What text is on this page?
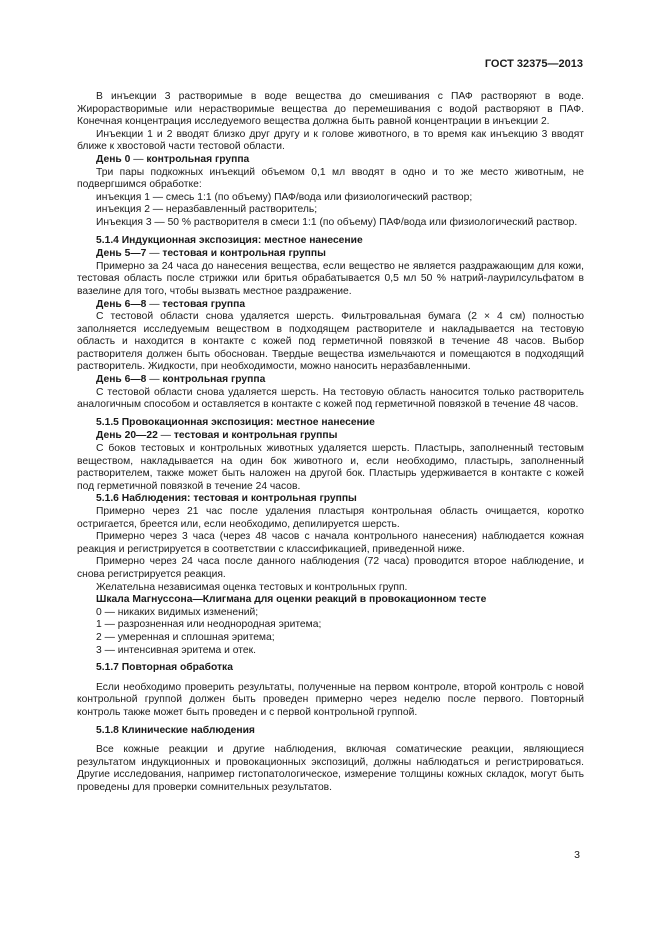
ГОСТ 32375—2013

В инъекции 3 растворимые в воде вещества до смешивания с ПАФ растворяют в воде. Жирорастворимые или нерастворимые вещества до перемешивания с водой растворяют в ПАФ. Конечная концентрация исследуемого вещества должна быть равной концентрации в инъекции 2.

Инъекции 1 и 2 вводят близко друг другу и к голове животного, в то время как инъекцию 3 вводят ближе к хвостовой части тестовой области.

День 0 — контрольная группа

Три пары подкожных инъекций объемом 0,1 мл вводят в одно и то же место животным, не подвергшимся обработке:

инъекция 1 — смесь 1:1 (по объему) ПАФ/вода или физиологический раствор;

инъекция 2 — неразбавленный растворитель;

Инъекция 3 — 50 % растворителя в смеси 1:1 (по объему) ПАФ/вода или физиологический раствор.

5.1.4 Индукционная экспозиция: местное нанесение

День 5—7 — тестовая и контрольная группы

Примерно за 24 часа до нанесения вещества, если вещество не является раздражающим для кожи, тестовая область после стрижки или бритья обрабатывается 0,5 мл 50 % натрий-лаурилсульфатом в вазелине для того, чтобы вызвать местное раздражение.

День 6—8 — тестовая группа

С тестовой области снова удаляется шерсть. Фильтровальная бумага (2 × 4 см) полностью заполняется исследуемым веществом в подходящем растворителе и накладывается на тестовую область и находится в контакте с кожей под герметичной повязкой в течение 48 часов. Выбор растворителя должен быть обоснован. Твердые вещества измельчаются и помещаются в подходящий растворитель. Жидкости, при необходимости, можно наносить неразбавленными.

День 6—8 — контрольная группа

С тестовой области снова удаляется шерсть. На тестовую область наносится только растворитель аналогичным способом и оставляется в контакте с кожей под герметичной повязкой в течение 48 часов.

5.1.5 Провокационная экспозиция: местное нанесение

День 20—22 — тестовая и контрольная группы

С боков тестовых и контрольных животных удаляется шерсть. Пластырь, заполненный тестовым веществом, накладывается на один бок животного и, если необходимо, пластырь, заполненный растворителем, также может быть наложен на другой бок. Пластырь удерживается в контакте с кожей под герметичной повязкой в течение 24 часов.

5.1.6 Наблюдения: тестовая и контрольная группы

Примерно через 21 час после удаления пластыря контрольная область очищается, коротко остригается, бреется или, если необходимо, депилируется шерсть.

Примерно через 3 часа (через 48 часов с начала контрольного нанесения) наблюдается кожная реакция и регистрируется в соответствии с классификацией, приведенной ниже.

Примерно через 24 часа после данного наблюдения (72 часа) проводится второе наблюдение, и снова регистрируется реакция.

Желательна независимая оценка тестовых и контрольных групп.

Шкала Магнуссона—Клигмана для оценки реакций в провокационном тесте

0 — никаких видимых изменений;

1 — разрозненная или неоднородная эритема;

2 — умеренная и сплошная эритема;

3 — интенсивная эритема и отек.

5.1.7 Повторная обработка

Если необходимо проверить результаты, полученные на первом контроле, второй контроль с новой контрольной группой должен быть проведен примерно через неделю после первого. Повторный контроль также может быть проведен и с первой контрольной группой.

5.1.8 Клинические наблюдения

Все кожные реакции и другие наблюдения, включая соматические реакции, являющиеся результатом индукционных и провокационных экспозиций, должны наблюдаться и регистрироваться. Другие исследования, например гистопатологическое, измерение толщины кожных складок, могут быть проведены для проверки сомнительных результатов.

3
